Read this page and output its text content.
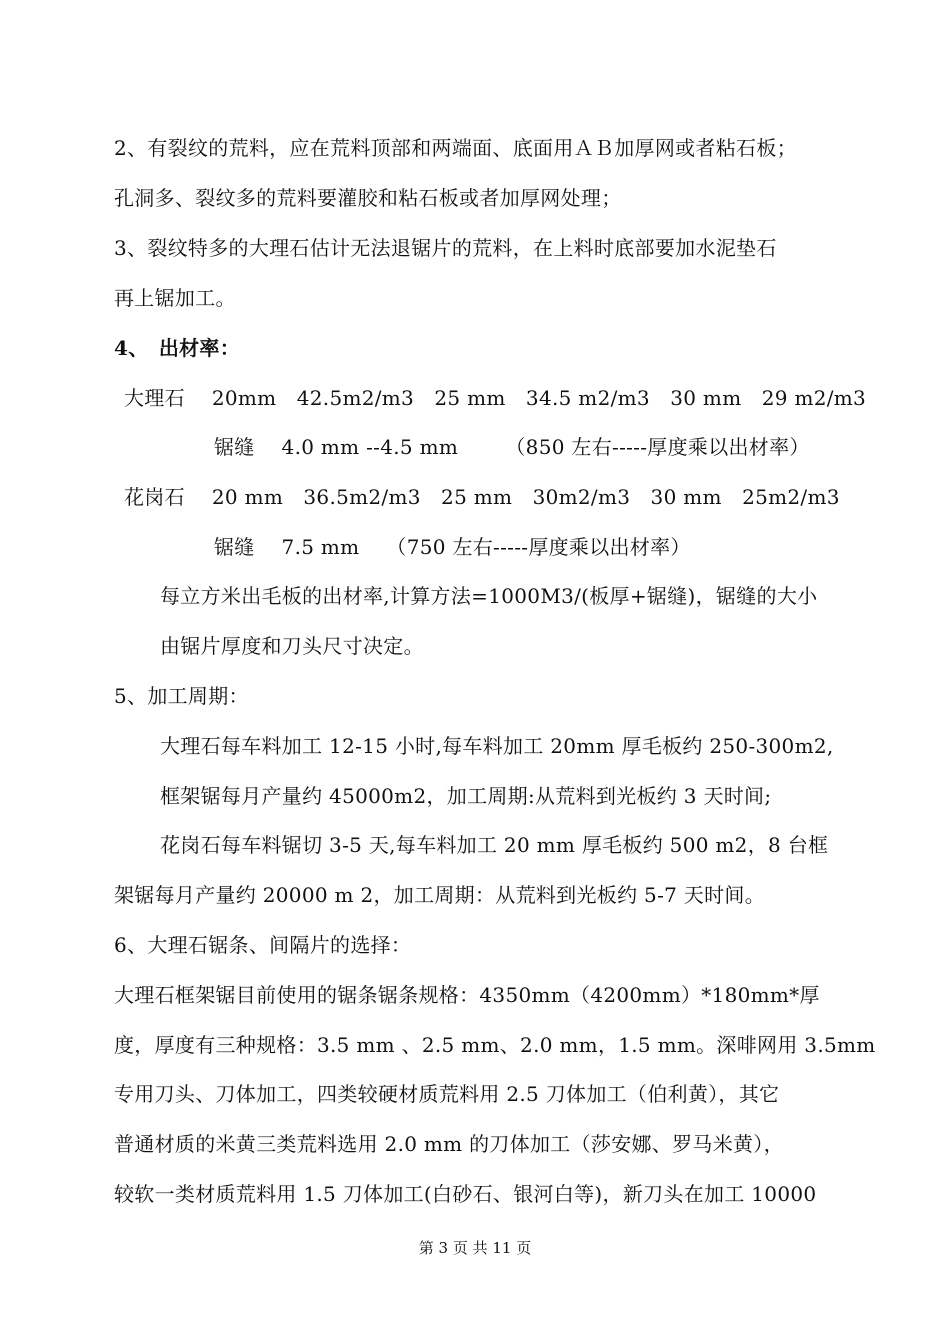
2、有裂纹的荒料，应在荒料顶部和两端面、底面用ＡＢ加厚网或者粘石板；
孔洞多、裂纹多的荒料要灌胶和粘石板或者加厚网处理；
3、裂纹特多的大理石估计无法退锯片的荒料，在上料时底部要加水泥垫石
再上锯加工。
4、　出材率：
大理石　 20mm　42.5m2/m3　25 mm　34.5 m2/m3　30 mm　29 m2/m3
锯缝　 4.0 mm --4.5 mm　　 （850 左右-----厚度乘以出材率）
花岗石　 20 mm　36.5m2/m3　25 mm　30m2/m3　30 mm　25m2/m3
锯缝　 7.5 mm　 （750 左右-----厚度乘以出材率）
每立方米出毛板的出材率,计算方法=1000M3/(板厚+锯缝)，锯缝的大小
由锯片厚度和刀头尺寸决定。
5、加工周期：
大理石每车料加工 12-15 小时,每车料加工 20mm 厚毛板约 250-300m2,
框架锯每月产量约 45000m2，加工周期:从荒料到光板约 3 天时间;
花岗石每车料锯切 3-5 天,每车料加工 20 mm 厚毛板约 500 m2，8 台框
架锯每月产量约 20000 m 2，加工周期：从荒料到光板约 5-7 天时间。
6、大理石锯条、间隔片的选择：
大理石框架锯目前使用的锯条锯条规格：4350mm（4200mm）*180mm*厚
度，厚度有三种规格：3.5 mm 、2.5 mm、2.0 mm，1.5 mm。深啡网用 3.5mm
专用刀头、刀体加工，四类较硬材质荒料用 2.5 刀体加工（伯利黄），其它
普通材质的米黄三类荒料选用 2.0 mm 的刀体加工（莎安娜、罗马米黄），
较软一类材质荒料用 1.5 刀体加工(白砂石、银河白等)，新刀头在加工 10000
第 3 页 共 11 页
